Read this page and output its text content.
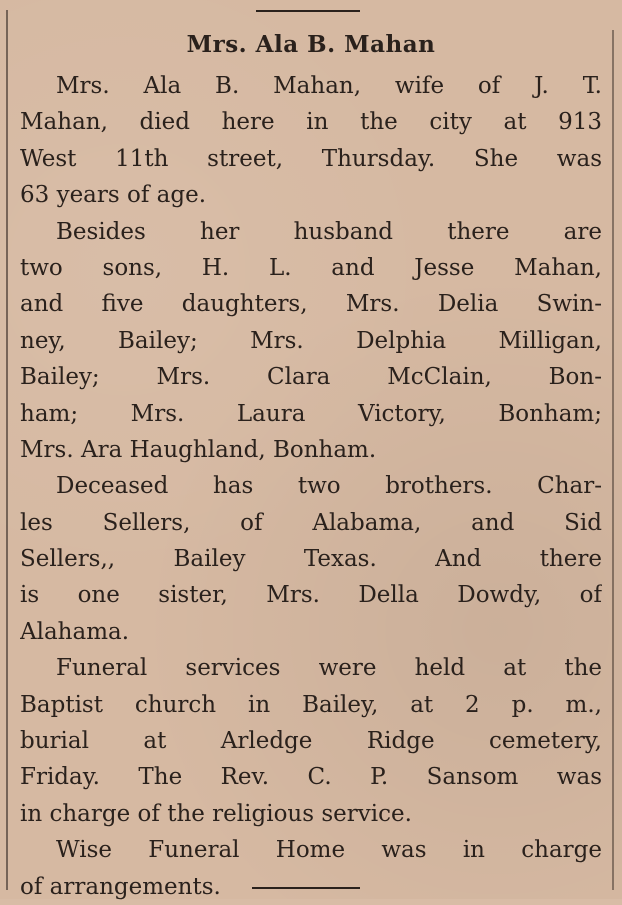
Mrs. Ala B. Mahan
Mrs. Ala B. Mahan, wife of J. T.
Mahan, died here in the city at 913
West 11th street, Thursday. She was
63 years of age.
Besides her husband there are
two sons, H. L. and Jesse Mahan,
and five daughters, Mrs. Delia Swin-
ney, Bailey; Mrs. Delphia Milligan,
Bailey; Mrs. Clara McClain, Bon-
ham; Mrs. Laura Victory, Bonham;
Mrs. Ara Haughland, Bonham.
Deceased has two brothers. Char-
les Sellers, of Alabama, and Sid
Sellers,, Bailey Texas. And there
is one sister, Mrs. Della Dowdy, of
Alahama.
Funeral services were held at the
Baptist church in Bailey, at 2 p. m.,
burial at Arledge Ridge cemetery,
Friday. The Rev. C. P. Sansom was
in charge of the religious service.
Wise Funeral Home was in charge
of arrangements.
